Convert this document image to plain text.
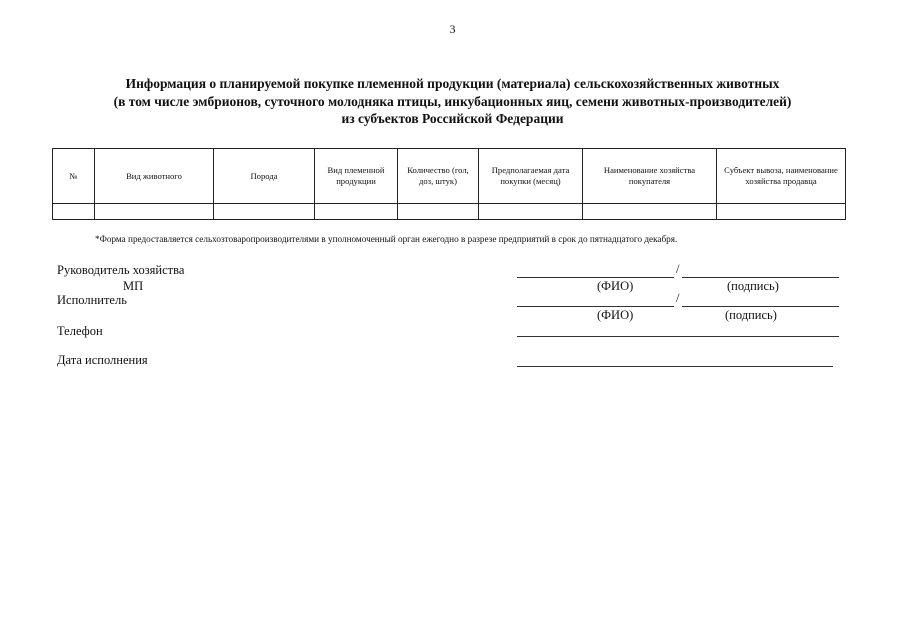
3
Информация о планируемой покупке племенной продукции (материала) сельскохозяйственных животных
(в том числе эмбрионов, суточного молодняка птицы, инкубационных яиц, семени животных-производителей)
из субъектов Российской Федерации
№	Вид животного	Порода	Вид племенной продукции	Количество (гол, доз, штук)	Предполагаемая дата покупки (месяц)	Наименование хозяйства покупателя	Субъект вывоза, наименование хозяйства продавца

*Форма предоставляется сельхозтоваропроизводителями в уполномоченный орган ежегодно в разрезе предприятий в срок до пятнадцатого декабря.
Руководитель хозяйства	/
МП	(ФИО)	(подпись)
Исполнитель	/
(ФИО)	(подпись)
Телефон
Дата исполнения
